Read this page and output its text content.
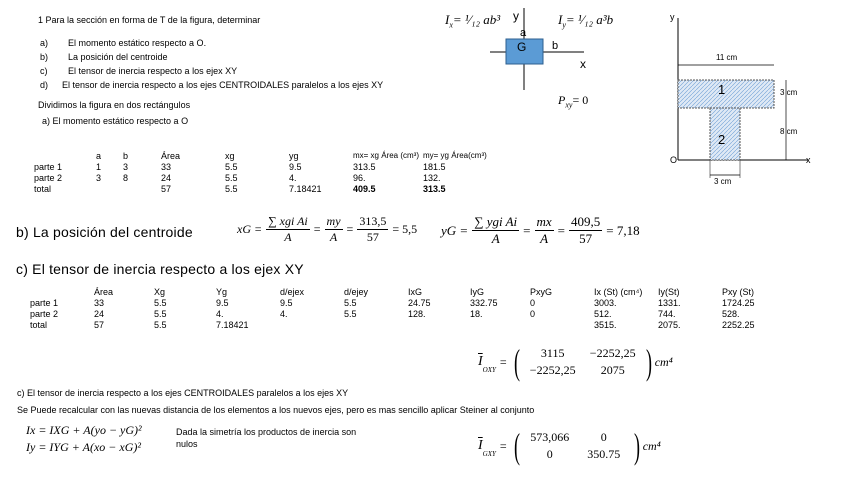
1 Para la sección en forma de T de la figura, determinar
a) El momento estático respecto a O.
b) La posición del centroide
c) El tensor de inercia respecto a los ejex XY
d) El tensor de inercia respecto a los ejes CENTROIDALES paralelos a los ejes XY
Dividimos la figura en dos rectángulos
a) El momento estático respecto a O
$I_x=$ ¹⁄₁₂ ab³	$I_y=$ ¹⁄₁₂ a³b
$P_{xy}= 0$
y
a
b
G
x
y
x
O
11 cm
3 cm
8 cm
3 cm
1
2
	a	b	Área	xg	yg	mx= xg Área (cm³)	my= yg Área(cm³)
parte 1	1	3	33	5.5	9.5	313.5	181.5
parte 2	3	8	24	5.5	4.	96.	132.
total			57	5.5	7.18421	409.5	313.5
b) La posición del centroide	xG =	
∑ xgi Ai
A
	=	
my
A
	=	
313,5
57
	= 5,5 yG =	
∑ ygi Ai
A
	=	
mx
A
	=	
409,5
57
	= 7,18
c) El tensor de inercia respecto a los ejex XY
	Área	Xg	Yg	d/ejex	d/ejey	IxG	IyG	PxyG	Ix (St) (cm⁴)	Iy(St)	Pxy (St)
parte 1	33	5.5	9.5	9.5	5.5	24.75	332.75	0	3003.	1331.	1724.25
parte 2	24	5.5	4.	4.	5.5	128.	18.	0	512.	744.	528.
total	57	5.5	7.18421						3515.	2075.	2252.25
$\overline{I}$
$_{OXY}$
= ( 3115	−2252,25
−2252,25	2075 ) cm⁴
c) El tensor de inercia respecto a los ejes CENTROIDALES paralelos a los ejes XY
Se Puede recalcular con las nuevas distancia de los elementos a los nuevos ejes, pero es mas sencillo aplicar Steiner al conjunto
Ix = IXG + A(yo − yG)²
Iy = IYG + A(xo − xG)²
Dada la simetría los productos de inercia son
nulos	$\overline{I}$
$_{GXY}$
= ( 573,066	0
0	350.75 ) cm⁴
